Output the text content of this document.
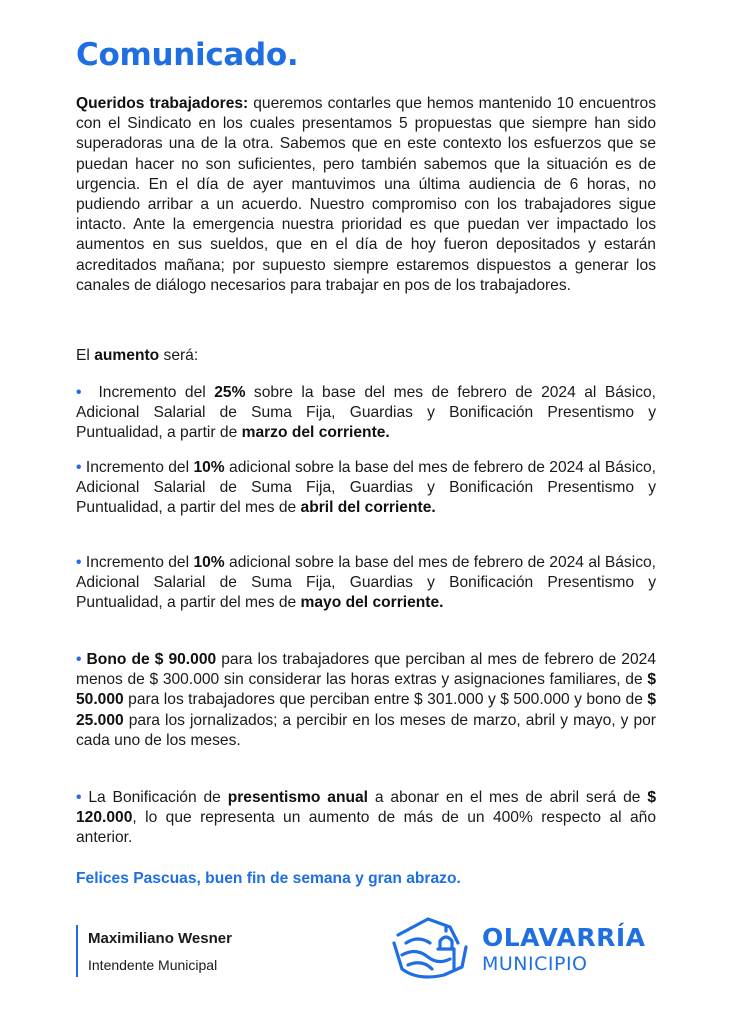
Comunicado.

Queridos trabajadores: queremos contarles que hemos mantenido 10 encuentros con el Sindicato en los cuales presentamos 5 propuestas que siempre han sido superadoras una de la otra. Sabemos que en este contexto los esfuerzos que se puedan hacer no son suficientes, pero también sabemos que la situación es de urgencia. En el día de ayer mantuvimos una última audiencia de 6 horas, no pudiendo arribar a un acuerdo. Nuestro compromiso con los trabajadores sigue intacto. Ante la emergencia nuestra prioridad es que puedan ver impactado los aumentos en sus sueldos, que en el día de hoy fueron depositados y estarán acreditados mañana; por supuesto siempre estaremos dispuestos a generar los canales de diálogo necesarios para trabajar en pos de los trabajadores.

El aumento será:

• Incremento del 25% sobre la base del mes de febrero de 2024 al Básico, Adicional Salarial de Suma Fija, Guardias y Bonificación Presentismo y Puntualidad, a partir de marzo del corriente.

• Incremento del 10% adicional sobre la base del mes de febrero de 2024 al Básico, Adicional Salarial de Suma Fija, Guardias y Bonificación Presentismo y Puntualidad, a partir del mes de abril del corriente.

• Incremento del 10% adicional sobre la base del mes de febrero de 2024 al Básico, Adicional Salarial de Suma Fija, Guardias y Bonificación Presentismo y Puntualidad, a partir del mes de mayo del corriente.

• Bono de $ 90.000 para los trabajadores que perciban al mes de febrero de 2024 menos de $ 300.000 sin considerar las horas extras y asignaciones familiares, de $ 50.000 para los trabajadores que perciban entre $ 301.000 y $ 500.000 y bono de $ 25.000 para los jornalizados; a percibir en los meses de marzo, abril y mayo, y por cada uno de los meses.

• La Bonificación de presentismo anual a abonar en el mes de abril será de $ 120.000, lo que representa un aumento de más de un 400% respecto al año anterior.

Felices Pascuas, buen fin de semana y gran abrazo.
Maximiliano Wesner
Intendente Municipal
OLAVARRÍA
MUNICIPIO
